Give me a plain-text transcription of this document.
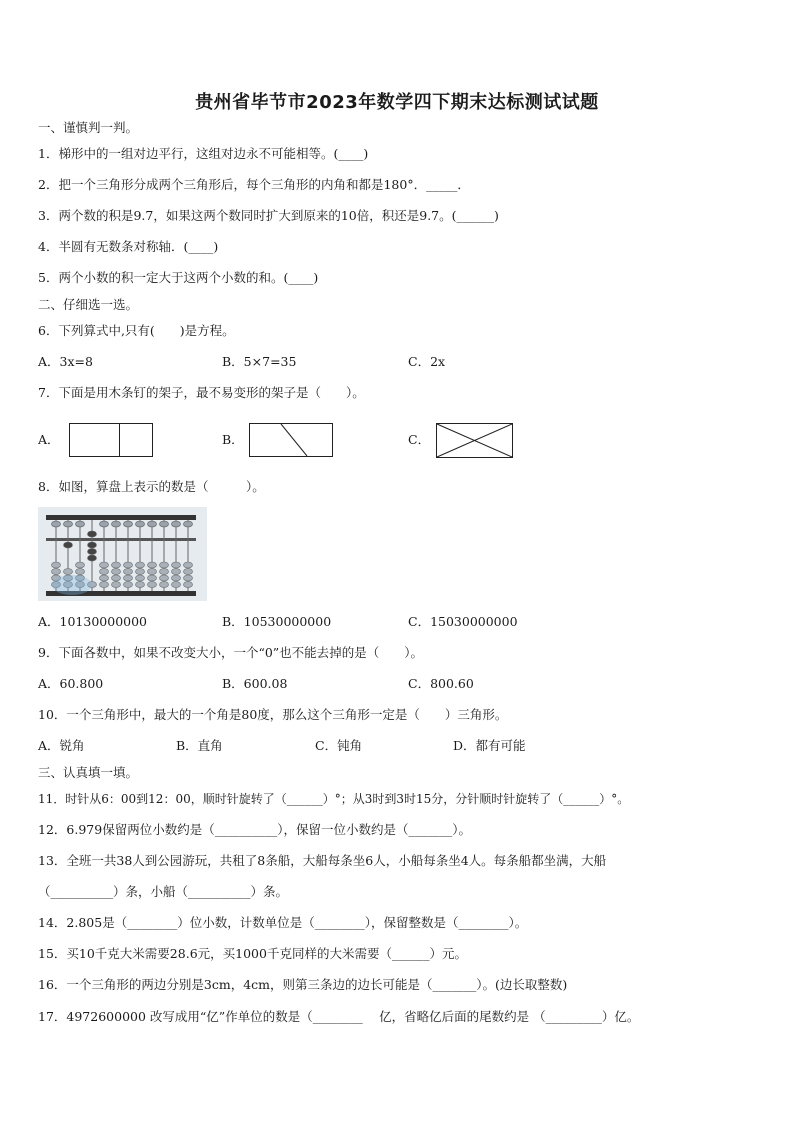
贵州省毕节市2023年数学四下期末达标测试试题
一、谨慎判一判。
1．梯形中的一组对边平行，这组对边永不可能相等。(____)
2．把一个三角形分成两个三角形后，每个三角形的内角和都是180°．_____．
3．两个数的积是9.7，如果这两个数同时扩大到原来的10倍，积还是9.7。(______)
4．半圆有无数条对称轴．(____)
5．两个小数的积一定大于这两个小数的和。(____)
二、仔细选一选。
6．下列算式中,只有(　　)是方程。
A．3x=8	B．5×7=35	C．2x
7．下面是用木条钉的架子，最不易变形的架子是（　　）。
A．	B．	C．
8．如图，算盘上表示的数是（　　　）。
A．10130000000	B．10530000000	C．15030000000
9．下面各数中，如果不改变大小，一个“0”也不能去掉的是（　　）。
A．60.800	B．600.08	C．800.60
10．一个三角形中，最大的一个角是80度，那么这个三角形一定是（　　）三角形。
A．锐角	B．直角	C．钝角	D．都有可能
三、认真填一填。
11．时针从6：00到12：00，顺时针旋转了（______）°；从3时到3时15分，分针顺时针旋转了（______）°。
12．6.979保留两位小数约是（__________），保留一位小数约是（_______）。
13．全班一共38人到公园游玩，共租了8条船，大船每条坐6人，小船每条坐4人。每条船都坐满，大船
（__________）条，小船（__________）条。
14．2.805是（________）位小数，计数单位是（________），保留整数是（________）。
15．买10千克大米需要28.6元，买1000千克同样的大米需要（______）元。
16．一个三角形的两边分别是3cm，4cm，则第三条边的边长可能是（_______）。(边长取整数)
17．4972600000 改写成用“亿”作单位的数是（________ 　亿，省略亿后面的尾数约是 （_________）亿。
